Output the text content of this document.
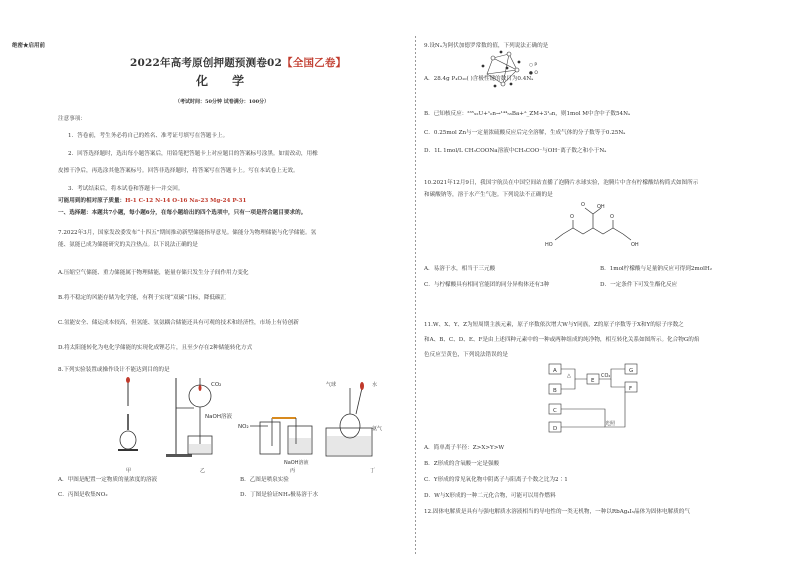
绝密★启用前
2022年高考原创押题预测卷02【全国乙卷】
化 学
（考试时间：50分钟 试卷满分：100分）
注意事项：
1．答卷前，考生务必将自己的姓名、准考证号填写在答题卡上。
2．回答选择题时，选出每小题答案后，用铅笔把答题卡上对应题目的答案标号涂黑。如需改动，用橡
皮擦干净后，再选涂其他答案标号。回答非选择题时，将答案写在答题卡上。写在本试卷上无效。
3．考试结束后，将本试卷和答题卡一并交回。
可能用到的相对原子质量：H-1 C-12 N-14 O-16 Na-23 Mg-24 P-31
一、选择题：本题共7小题，每小题6分，在每小题给出的四个选项中，只有一项是符合题目要求的。
7.2022年3月，国家发改委发布“十四五”期间推动新型储能指导意见。储能分为物理储能与化学储能。氢
能、氨能已成为储能研究的关注热点。以下说法正确的是
A.压缩空气储能、重力储能属于物理储能，能量存储只发生分子间作用力变化
B.将不稳定的风能存储为化学能，有利于实现“双碳”目标，降低碳汇
C.氢能安全、储运成本较高，但氢能、氢氨耦合储能还具有可观的技术和经济性，市场上有待创新
D.将太阳能转化为电化学储能的实现化成锂芯片，且至少存在2种储能转化方式
8.下列实验装置或操作设计不能达到目的的是
CO₂
NaOH溶液
NO₂
NaOH溶液
气球	水
氨气
甲	乙	丙	丁
A．甲图是配置一定物质的量浓度的溶液	B．乙图是喷泉实验
C．丙图是收集NO₂	D．丁图是验证NH₃极易溶于水
9.设Nₐ为阿伏加德罗常数的值，下列说法正确的是
○ P
● O
A．28.4g P₄O₁₀( )含极性键的数目为0.4Nₐ
B．已知核反应：²³⁵₉₂U+¹₀n→¹⁴⁴₅₆Ba+ᴬ_ZM+3¹₀n，则1mol M中含中子数54Nₐ
C．0.25mol Zn与一定量浓硫酸反应后完全溶解，生成气体的分子数等于0.25Nₐ
D．1L 1mol/L CH₃COONa溶液中CH₃COO⁻与OH⁻离子数之和小于Nₐ
10.2021年12月9日，我国宇航员在中国空间站直播了泡腾片水球实验，泡腾片中含有柠檬酸结构简式如图所示
和碳酸钠等，溶于水产生气泡。下列说法不正确的是
OH
O
O	O
HO	OH
A．易溶于水，相当于三元酸	B．1mol柠檬酸与足量钠反应可得到2molH₂
C．与柠檬酸具有相同官能团的同分异构体还有3种	D．一定条件下可发生酯化反应
11.W、X、Y、Z为短周期主族元素，原子序数依次增大W与Y同族，Z的原子序数等于X和Y的原子序数之
和A、B、C、D、E、F是由上述四种元素中的一种或两种组成的纯净物，相互转化关系如图所示。化合物G的焰
色反应呈黄色，下列说法错误的是
A
B
C
D
E
G
F
△	CO₂
光照
A．简单离子半径：Z>X>Y>W
B．Z形成的含氧酸一定是强酸
C．Y形成的常见氧化物中阴离子与阳离子个数之比为2∶1
D．W与X形成的一种二元化合物，可能可以用作燃料
12.固体电解质是具有与强电解质水溶液相当的导电性的一类无机物，一种以RbAg₄I₅晶体为固体电解质的气
